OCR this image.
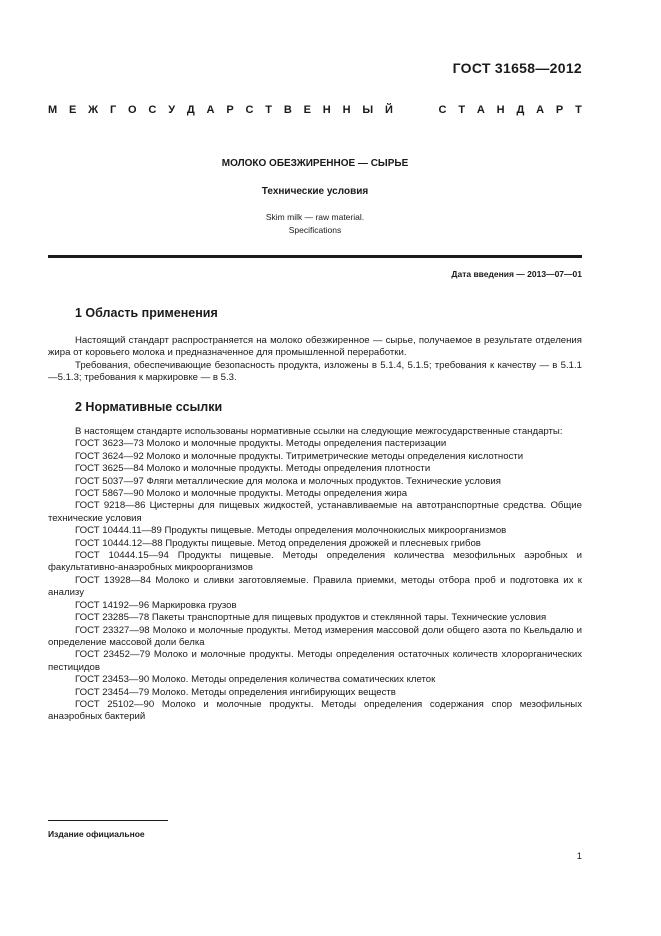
ГОСТ 31658—2012
М Е Ж Г О С У Д А Р С Т В Е Н Н Ы Й	С Т А Н Д А Р Т
МОЛОКО ОБЕЗЖИРЕННОЕ — СЫРЬЕ
Технические условия
Skim milk — raw material.
Specifications
Дата введения — 2013—07—01
1 Область применения

Настоящий стандарт распространяется на молоко обезжиренное — сырье, получаемое в результате отделения жира от коровьего молока и предназначенное для промышленной переработки.

Требования, обеспечивающие безопасность продукта, изложены в 5.1.4, 5.1.5; требования к качеству — в 5.1.1—5.1.3; требования к маркировке — в 5.3.

2 Нормативные ссылки

В настоящем стандарте использованы нормативные ссылки на следующие межгосударственные стандарты:

ГОСТ 3623—73 Молоко и молочные продукты. Методы определения пастеризации

ГОСТ 3624—92 Молоко и молочные продукты. Титриметрические методы определения кислотности

ГОСТ 3625—84 Молоко и молочные продукты. Методы определения плотности

ГОСТ 5037—97 Фляги металлические для молока и молочных продуктов. Технические условия

ГОСТ 5867—90 Молоко и молочные продукты. Методы определения жира

ГОСТ 9218—86 Цистерны для пищевых жидкостей, устанавливаемые на автотранспортные средства. Общие технические условия

ГОСТ 10444.11—89 Продукты пищевые. Методы определения молочнокислых микроорганизмов

ГОСТ 10444.12—88 Продукты пищевые. Метод определения дрожжей и плесневых грибов

ГОСТ 10444.15—94 Продукты пищевые. Методы определения количества мезофильных аэробных и факультативно-анаэробных микроорганизмов

ГОСТ 13928—84 Молоко и сливки заготовляемые. Правила приемки, методы отбора проб и подготовка их к анализу

ГОСТ 14192—96 Маркировка грузов

ГОСТ 23285—78 Пакеты транспортные для пищевых продуктов и стеклянной тары. Технические условия

ГОСТ 23327—98 Молоко и молочные продукты. Метод измерения массовой доли общего азота по Кьельдалю и определение массовой доли белка

ГОСТ 23452—79 Молоко и молочные продукты. Методы определения остаточных количеств хлорорганических пестицидов

ГОСТ 23453—90 Молоко. Методы определения количества соматических клеток

ГОСТ 23454—79 Молоко. Методы определения ингибирующих веществ

ГОСТ 25102—90 Молоко и молочные продукты. Методы определения содержания спор мезофильных анаэробных бактерий

Издание официальное
1
